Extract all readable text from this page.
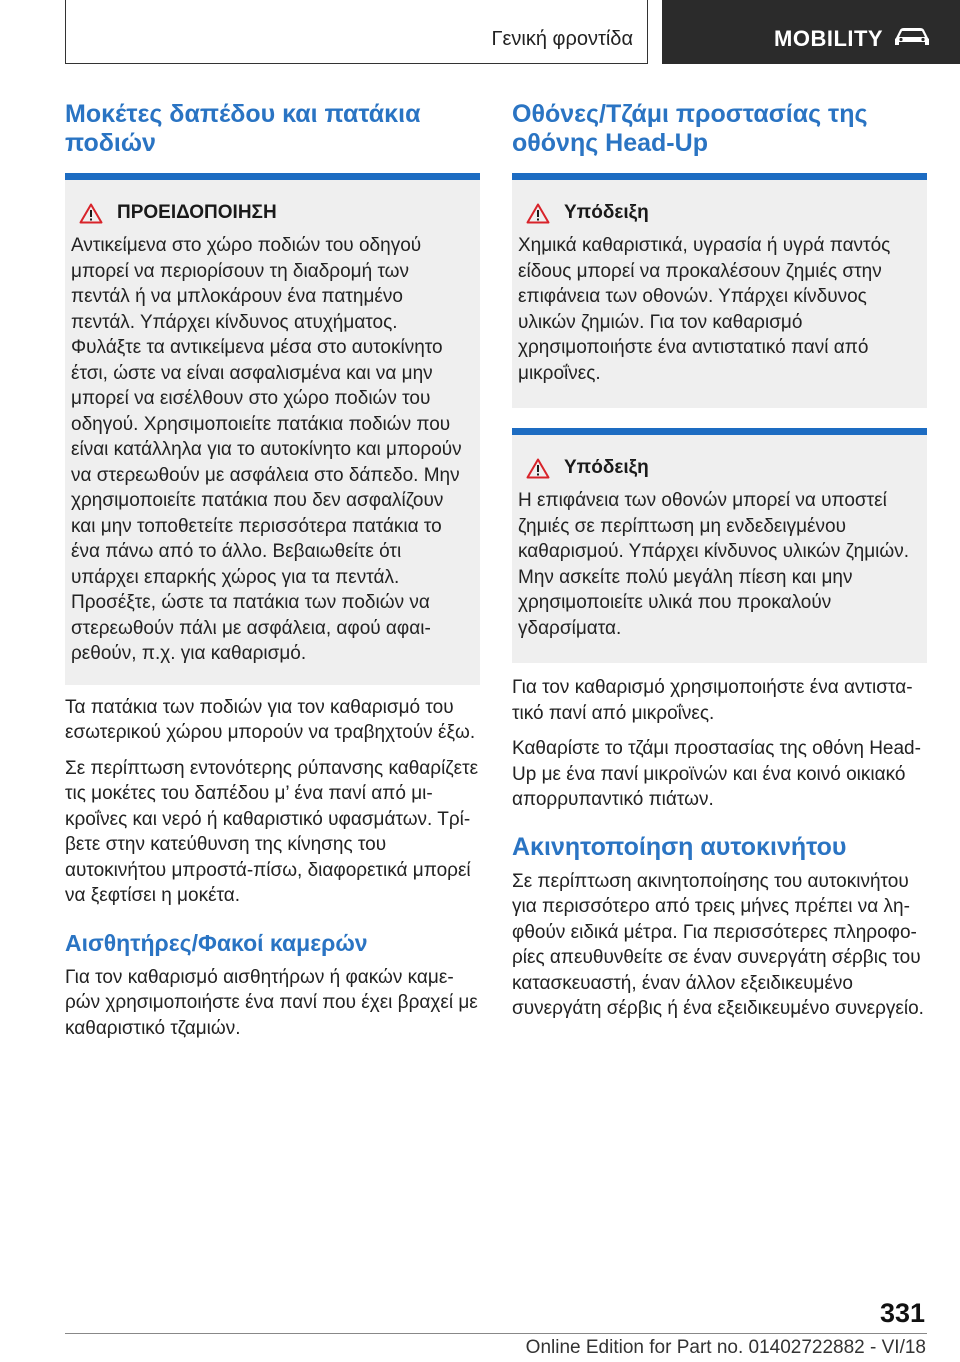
Γενική φροντίδα	MOBILITY
Μοκέτες δαπέδου και πατάκια ποδιών
ΠΡΟΕΙΔΟΠΟΙΗΣΗ

Αντικείμενα στο χώρο ποδιών του οδηγού μπορεί να περιορίσουν τη διαδρομή των πεντάλ ή να μπλοκάρουν ένα πατημένο πεντάλ. Υπάρχει κίνδυνος ατυχήματος. Φυλάξτε τα αντικείμενα μέσα στο αυτοκίνητο έτσι, ώστε να είναι ασφαλισμένα και να μην μπορεί να εισέλθουν στο χώρο ποδιών του οδηγού. Χρησιμοποιείτε πατάκια ποδιών που είναι κατάλληλα για το αυτοκίνητο και μπορούν να στερεωθούν με ασφάλεια στο δάπεδο. Μην χρησιμοποιείτε πατάκια που δεν ασφαλίζουν και μην τοποθετείτε περισσότερα πατάκια το ένα πάνω από το άλλο. Βεβαιωθείτε ότι υπάρχει επαρκής χώρος για τα πεντάλ. Προσέξτε, ώστε τα πατάκια των ποδιών να στερεωθούν πάλι με ασφάλεια, αφού αφαιρεθούν, π.χ. για καθαρισμό.

Τα πατάκια των ποδιών για τον καθαρισμό του εσωτερικού χώρου μπορούν να τραβηχτούν έξω.

Σε περίπτωση εντονότερης ρύπανσης καθαρίζετε τις μοκέτες του δαπέδου μ’ ένα πανί από μικροΐνες και νερό ή καθαριστικό υφασμάτων. Τρίβετε στην κατεύθυνση της κίνησης του αυτοκινήτου μπροστά-πίσω, διαφορετικά μπορεί να ξεφτίσει η μοκέτα.

Αισθητήρες/Φακοί καμερών

Για τον καθαρισμό αισθητήρων ή φακών καμερών χρησιμοποιήστε ένα πανί που έχει βραχεί με καθαριστικό τζαμιών.

Οθόνες/Τζάμι προστασίας της οθόνης Head-Up
Υπόδειξη

Χημικά καθαριστικά, υγρασία ή υγρά παντός είδους μπορεί να προκαλέσουν ζημιές στην επιφάνεια των οθονών. Υπάρχει κίνδυνος υλικών ζημιών. Για τον καθαρισμό χρησιμοποιήστε ένα αντιστατικό πανί από μικροΐνες.

Υπόδειξη

Η επιφάνεια των οθονών μπορεί να υποστεί ζημιές σε περίπτωση μη ενδεδειγμένου καθαρισμού. Υπάρχει κίνδυνος υλικών ζημιών. Μην ασκείτε πολύ μεγάλη πίεση και μην χρησιμοποιείτε υλικά που προκαλούν γδαρσίματα.

Για τον καθαρισμό χρησιμοποιήστε ένα αντιστατικό πανί από μικροΐνες.

Καθαρίστε το τζάμι προστασίας της οθόνη Head-Up με ένα πανί μικροϊνών και ένα κοινό οικιακό απορρυπαντικό πιάτων.

Ακινητοποίηση αυτοκινήτου

Σε περίπτωση ακινητοποίησης του αυτοκινήτου για περισσότερο από τρεις μήνες πρέπει να ληφθούν ειδικά μέτρα. Για περισσότερες πληροφορίες απευθυνθείτε σε έναν συνεργάτη σέρβις του κατασκευαστή, έναν άλλον εξειδικευμένο συνεργάτη σέρβις ή ένα εξειδικευμένο συνεργείο.

331
Online Edition for Part no. 01402722882 - VI/18
